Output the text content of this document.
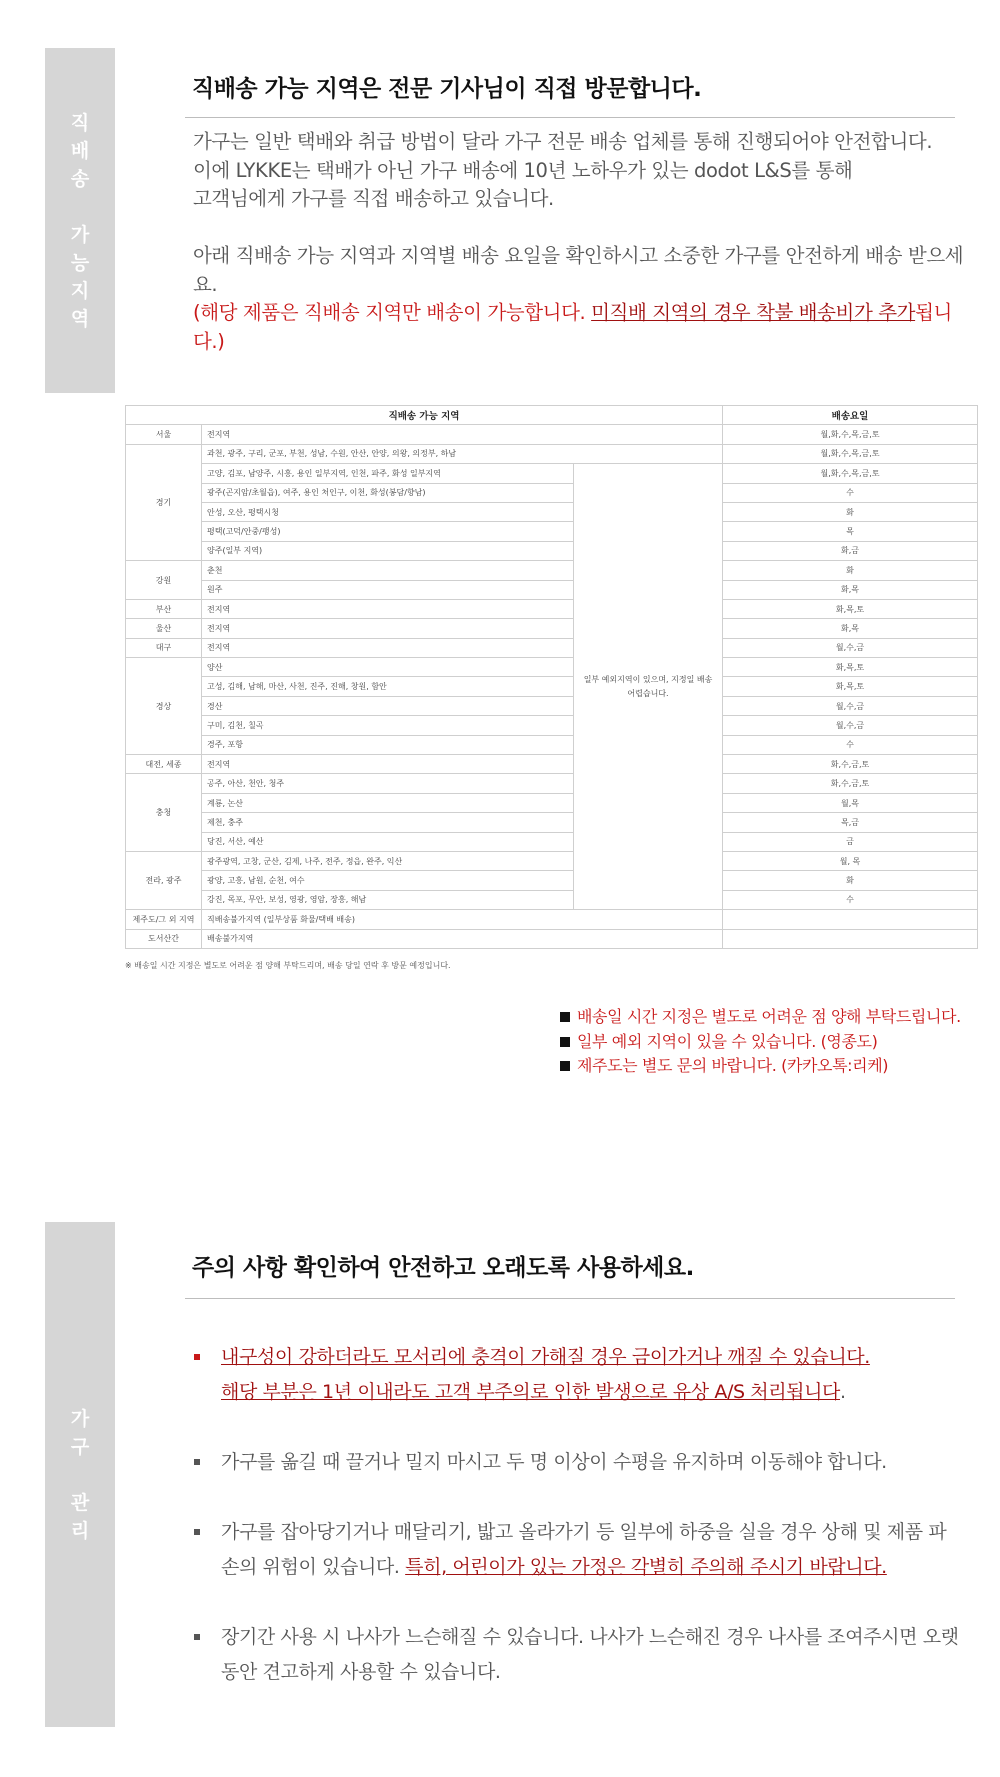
직
배
송
가
능
지
역
직배송 가능 지역은 전문 기사님이 직접 방문합니다.

가구는 일반 택배와 취급 방법이 달라 가구 전문 배송 업체를 통해 진행되어야 안전합니다.

이에 LYKKE는 택배가 아닌 가구 배송에 10년 노하우가 있는 dodot L&S를 통해

고객님에게 가구를 직접 배송하고 있습니다.

아래 직배송 가능 지역과 지역별 배송 요일을 확인하시고 소중한 가구를 안전하게 배송 받으세요.

(해당 제품은 직배송 지역만 배송이 가능합니다. 미직배 지역의 경우 착불 배송비가 추가됩니다.)

직배송 가능 지역			배송요일
서울	전지역		월,화,수,목,금,토
경기	과천, 광주, 구리, 군포, 부천, 성남, 수원, 안산, 안양, 의왕, 의정부, 하남		월,화,수,목,금,토
	고양, 김포, 남양주, 시흥, 용인 일부지역, 인천, 파주, 화성 일부지역	일부 예외지역이 있으며, 지정일 배송 어렵습니다.	월,화,수,목,금,토
	광주(곤지암/초월읍), 여주, 용인 처인구, 이천, 화성(봉담/향남)		수
	안성, 오산, 평택시청		화
	평택(고덕/안중/팽성)		목
	양주(일부 지역)		화,금
강원	춘천		화
	원주		화,목
부산	전지역		화,목,토
울산	전지역		화,목
대구	전지역		월,수,금
경상	양산		화,목,토
	고성, 김해, 남해, 마산, 사천, 진주, 진해, 창원, 함안		화,목,토
	경산		월,수,금
	구미, 김천, 칠곡		월,수,금
	경주, 포항		수
대전, 세종	전지역		화,수,금,토
충청	공주, 아산, 천안, 청주		화,수,금,토
	계룡, 논산		월,목
	제천, 충주		목,금
	당진, 서산, 예산		금
전라, 광주	광주광역, 고창, 군산, 김제, 나주, 전주, 정읍, 완주, 익산		월, 목
	광양, 고흥, 남원, 순천, 여수		화
	강진, 목포, 무안, 보성, 영광, 영암, 장흥, 해남		수
제주도/그 외 지역	직배송불가지역 (일부상품 화물/택배 배송)		
도서산간	배송불가지역		
※ 배송일 시간 지정은 별도로 어려운 점 양해 부탁드리며, 배송 당일 연락 후 방문 예정입니다.
배송일 시간 지정은 별도로 어려운 점 양해 부탁드립니다.
일부 예외 지역이 있을 수 있습니다. (영종도)
제주도는 별도 문의 바랍니다. (카카오톡:리케)
가
구
관
리
주의 사항 확인하여 안전하고 오래도록 사용하세요.
내구성이 강하더라도 모서리에 충격이 가해질 경우 금이가거나 깨질 수 있습니다.
해당 부분은 1년 이내라도 고객 부주의로 인한 발생으로 유상 A/S 처리됩니다.
가구를 옮길 때 끌거나 밀지 마시고 두 명 이상이 수평을 유지하며 이동해야 합니다.
가구를 잡아당기거나 매달리기, 밟고 올라가기 등 일부에 하중을 실을 경우 상해 및 제품 파손의 위험이 있습니다. 특히, 어린이가 있는 가정은 각별히 주의해 주시기 바랍니다.
장기간 사용 시 나사가 느슨해질 수 있습니다. 나사가 느슨해진 경우 나사를 조여주시면 오랫동안 견고하게 사용할 수 있습니다.
